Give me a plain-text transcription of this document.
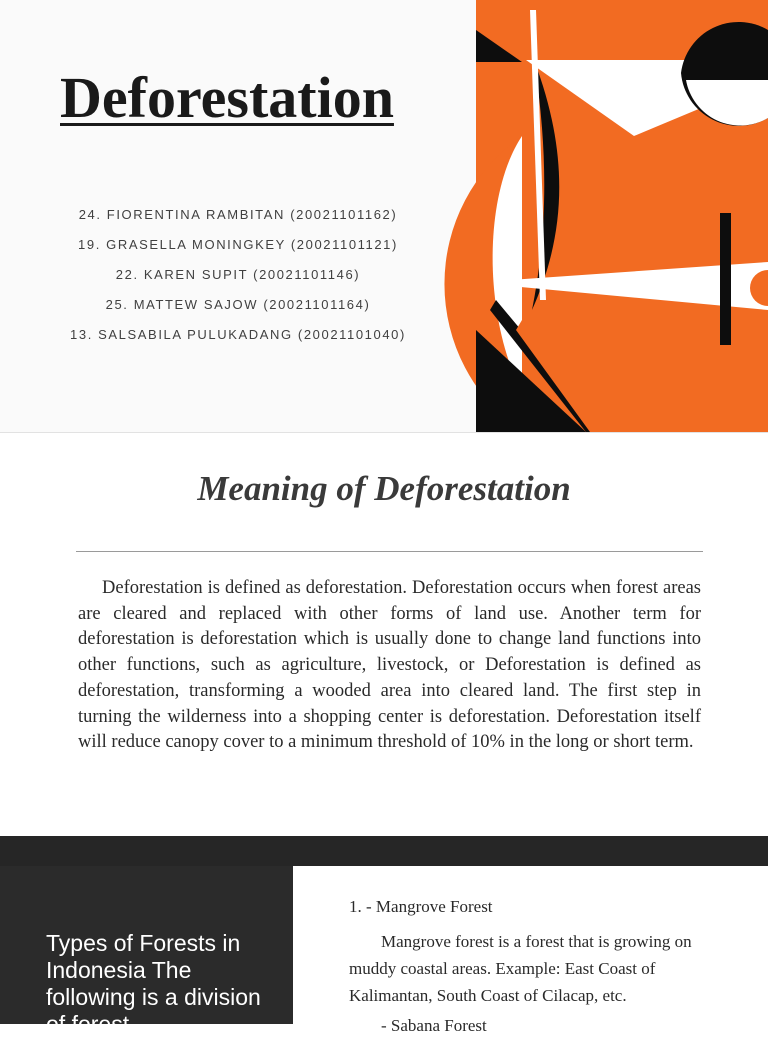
Deforestation
24. FIORENTINA RAMBITAN (20021101162)
19. GRASELLA MONINGKEY (20021101121)
22. KAREN SUPIT (20021101146)
25. MATTEW SAJOW (20021101164)
13. SALSABILA PULUKADANG (20021101040)
Meaning of Deforestation

Deforestation is defined as deforestation. Deforestation occurs when forest areas are cleared and replaced with other forms of land use. Another term for deforestation is deforestation which is usually done to change land functions into other functions, such as agriculture, livestock, or Deforestation is defined as deforestation, transforming a wooded area into cleared land. The first step in turning the wilderness into a shopping center is deforestation. Deforestation itself will reduce canopy cover to a minimum threshold of 10% in the long or short term.

Types of Forests in Indonesia The following is a division of forest

1. - Mangrove Forest

Mangrove forest is a forest that is growing on muddy coastal areas. Example: East Coast of Kalimantan, South Coast of Cilacap, etc.

- Sabana Forest
